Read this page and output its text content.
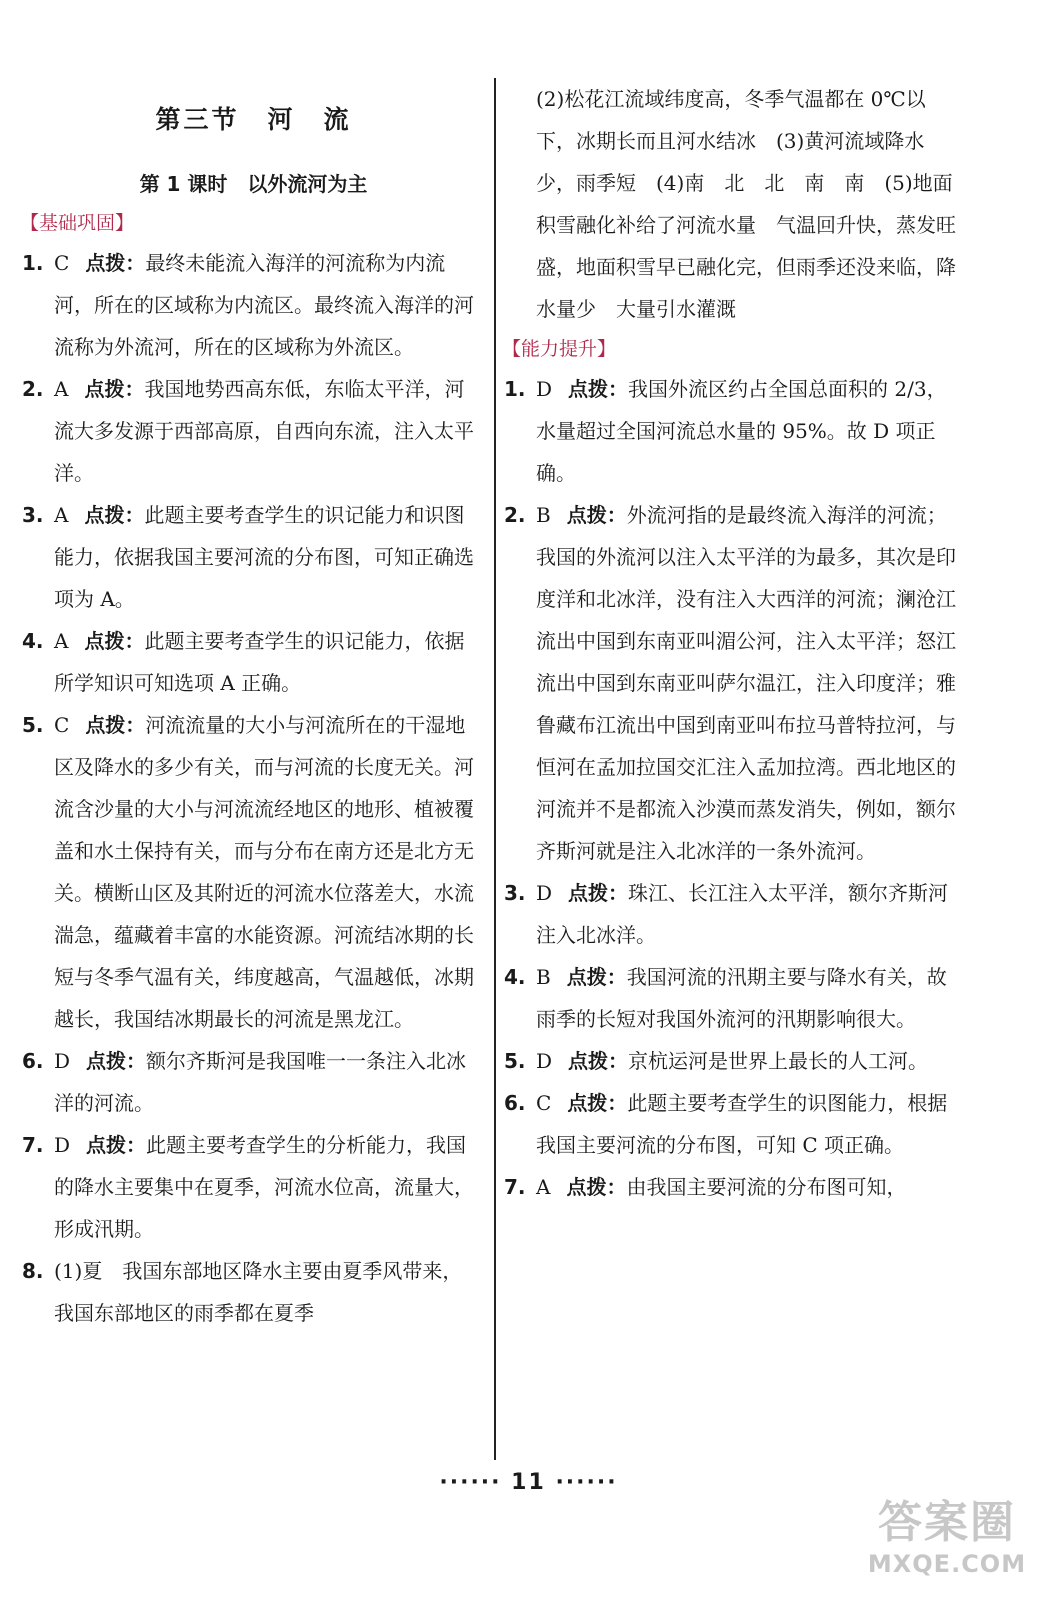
第三节　河　流
第 1 课时　以外流河为主
【基础巩固】
1. C 点拨：最终未能流入海洋的河流称为内流河，所在的区域称为内流区。最终流入海洋的河流称为外流河，所在的区域称为外流区。
2. A 点拨：我国地势西高东低，东临太平洋，河流大多发源于西部高原，自西向东流，注入太平洋。
3. A 点拨：此题主要考查学生的识记能力和识图能力，依据我国主要河流的分布图，可知正确选项为 A。
4. A 点拨：此题主要考查学生的识记能力，依据所学知识可知选项 A 正确。
5. C 点拨：河流流量的大小与河流所在的干湿地区及降水的多少有关，而与河流的长度无关。河流含沙量的大小与河流流经地区的地形、植被覆盖和水土保持有关，而与分布在南方还是北方无关。横断山区及其附近的河流水位落差大，水流湍急，蕴藏着丰富的水能资源。河流结冰期的长短与冬季气温有关，纬度越高，气温越低，冰期越长，我国结冰期最长的河流是黑龙江。
6. D 点拨：额尔齐斯河是我国唯一一条注入北冰洋的河流。
7. D 点拨：此题主要考查学生的分析能力，我国的降水主要集中在夏季，河流水位高，流量大，形成汛期。
8. (1)夏　我国东部地区降水主要由夏季风带来，我国东部地区的雨季都在夏季
(2)松花江流域纬度高，冬季气温都在 0℃以下，冰期长而且河水结冰　(3)黄河流域降水少，雨季短　(4)南　北　北　南　南　(5)地面积雪融化补给了河流水量　气温回升快，蒸发旺盛，地面积雪早已融化完，但雨季还没来临，降水量少　大量引水灌溉
【能力提升】
1. D 点拨：我国外流区约占全国总面积的 2/3，水量超过全国河流总水量的 95%。故 D 项正确。
2. B 点拨：外流河指的是最终流入海洋的河流；我国的外流河以注入太平洋的为最多，其次是印度洋和北冰洋，没有注入大西洋的河流；澜沧江流出中国到东南亚叫湄公河，注入太平洋；怒江流出中国到东南亚叫萨尔温江，注入印度洋；雅鲁藏布江流出中国到南亚叫布拉马普特拉河，与恒河在孟加拉国交汇注入孟加拉湾。西北地区的河流并不是都流入沙漠而蒸发消失，例如，额尔齐斯河就是注入北冰洋的一条外流河。
3. D 点拨：珠江、长江注入太平洋，额尔齐斯河注入北冰洋。
4. B 点拨：我国河流的汛期主要与降水有关，故雨季的长短对我国外流河的汛期影响很大。
5. D 点拨：京杭运河是世界上最长的人工河。
6. C 点拨：此题主要考查学生的识图能力，根据我国主要河流的分布图，可知 C 项正确。
7. A 点拨：由我国主要河流的分布图可知，
······ 11 ······
答案圈
MXQE.COM
